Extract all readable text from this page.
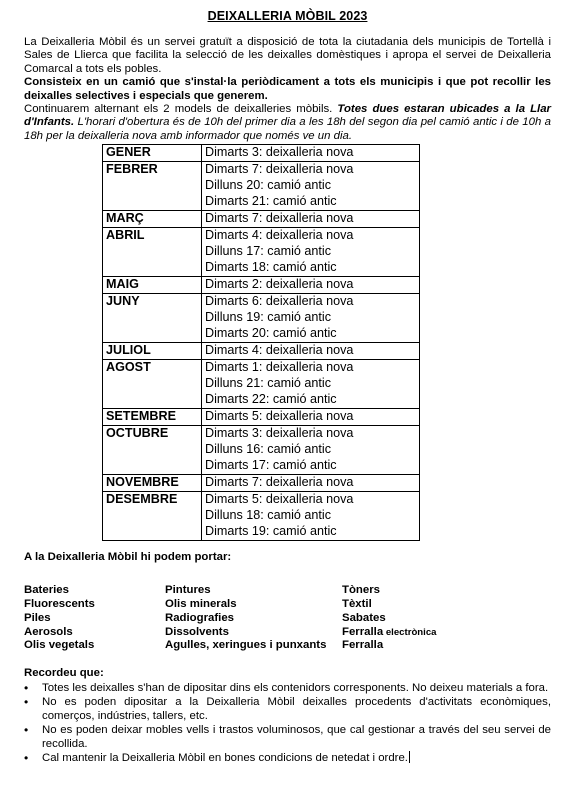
DEIXALLERIA MÒBIL 2023

La Deixalleria Mòbil és un servei gratuït a disposició de tota la ciutadania dels municipis de Tortellà i Sales de Llierca que facilita la selecció de les deixalles domèstiques i apropa el servei de Deixalleria Comarcal a tots els pobles.
Consisteix en un camió que s'instal·la periòdicament a tots els municipis i que pot recollir les deixalles selectives i especials que generem.
Continuarem alternant els 2 models de deixalleries mòbils. Totes dues estaran ubicades a la Llar d'Infants. L'horari d'obertura és de 10h del primer dia a les 18h del segon dia pel camió antic i de 10h a 18h per la deixalleria nova amb informador que només ve un dia.

GENER	Dimarts 3: deixalleria nova

FEBRER	Dimarts 7: deixalleria nova
Dilluns 20: camió antic
Dimarts 21: camió antic

MARÇ	Dimarts 7: deixalleria nova

ABRIL	Dimarts 4: deixalleria nova
Dilluns 17: camió antic
Dimarts 18: camió antic

MAIG	Dimarts 2: deixalleria nova

JUNY	Dimarts 6: deixalleria nova
Dilluns 19: camió antic
Dimarts 20: camió antic

JULIOL	Dimarts 4: deixalleria nova

AGOST	Dimarts 1: deixalleria nova
Dilluns 21: camió antic
Dimarts 22: camió antic

SETEMBRE	Dimarts 5: deixalleria nova

OCTUBRE	Dimarts 3: deixalleria nova
Dilluns 16: camió antic
Dimarts 17: camió antic

NOVEMBRE	Dimarts 7: deixalleria nova

DESEMBRE	Dimarts 5: deixalleria nova
Dilluns 18: camió antic
Dimarts 19: camió antic
A la Deixalleria Mòbil hi podem portar:
Bateries
Fluorescents
Piles
Aerosols
Olis vegetals
Pintures
Olis minerals
Radiografies
Dissolvents
Agulles, xeringues i punxants
Tòners
Tèxtil
Sabates
Ferralla electrònica
Ferralla
Recordeu que:
• Totes les deixalles s'han de dipositar dins els contenidors corresponents. No deixeu materials a fora.
• No es poden dipositar a la Deixalleria Mòbil deixalles procedents d'activitats econòmiques, comerços, indústries, tallers, etc.
• No es poden deixar mobles vells i trastos voluminosos, que cal gestionar a través del seu servei de recollida.
• Cal mantenir la Deixalleria Mòbil en bones condicions de netedat i ordre.
